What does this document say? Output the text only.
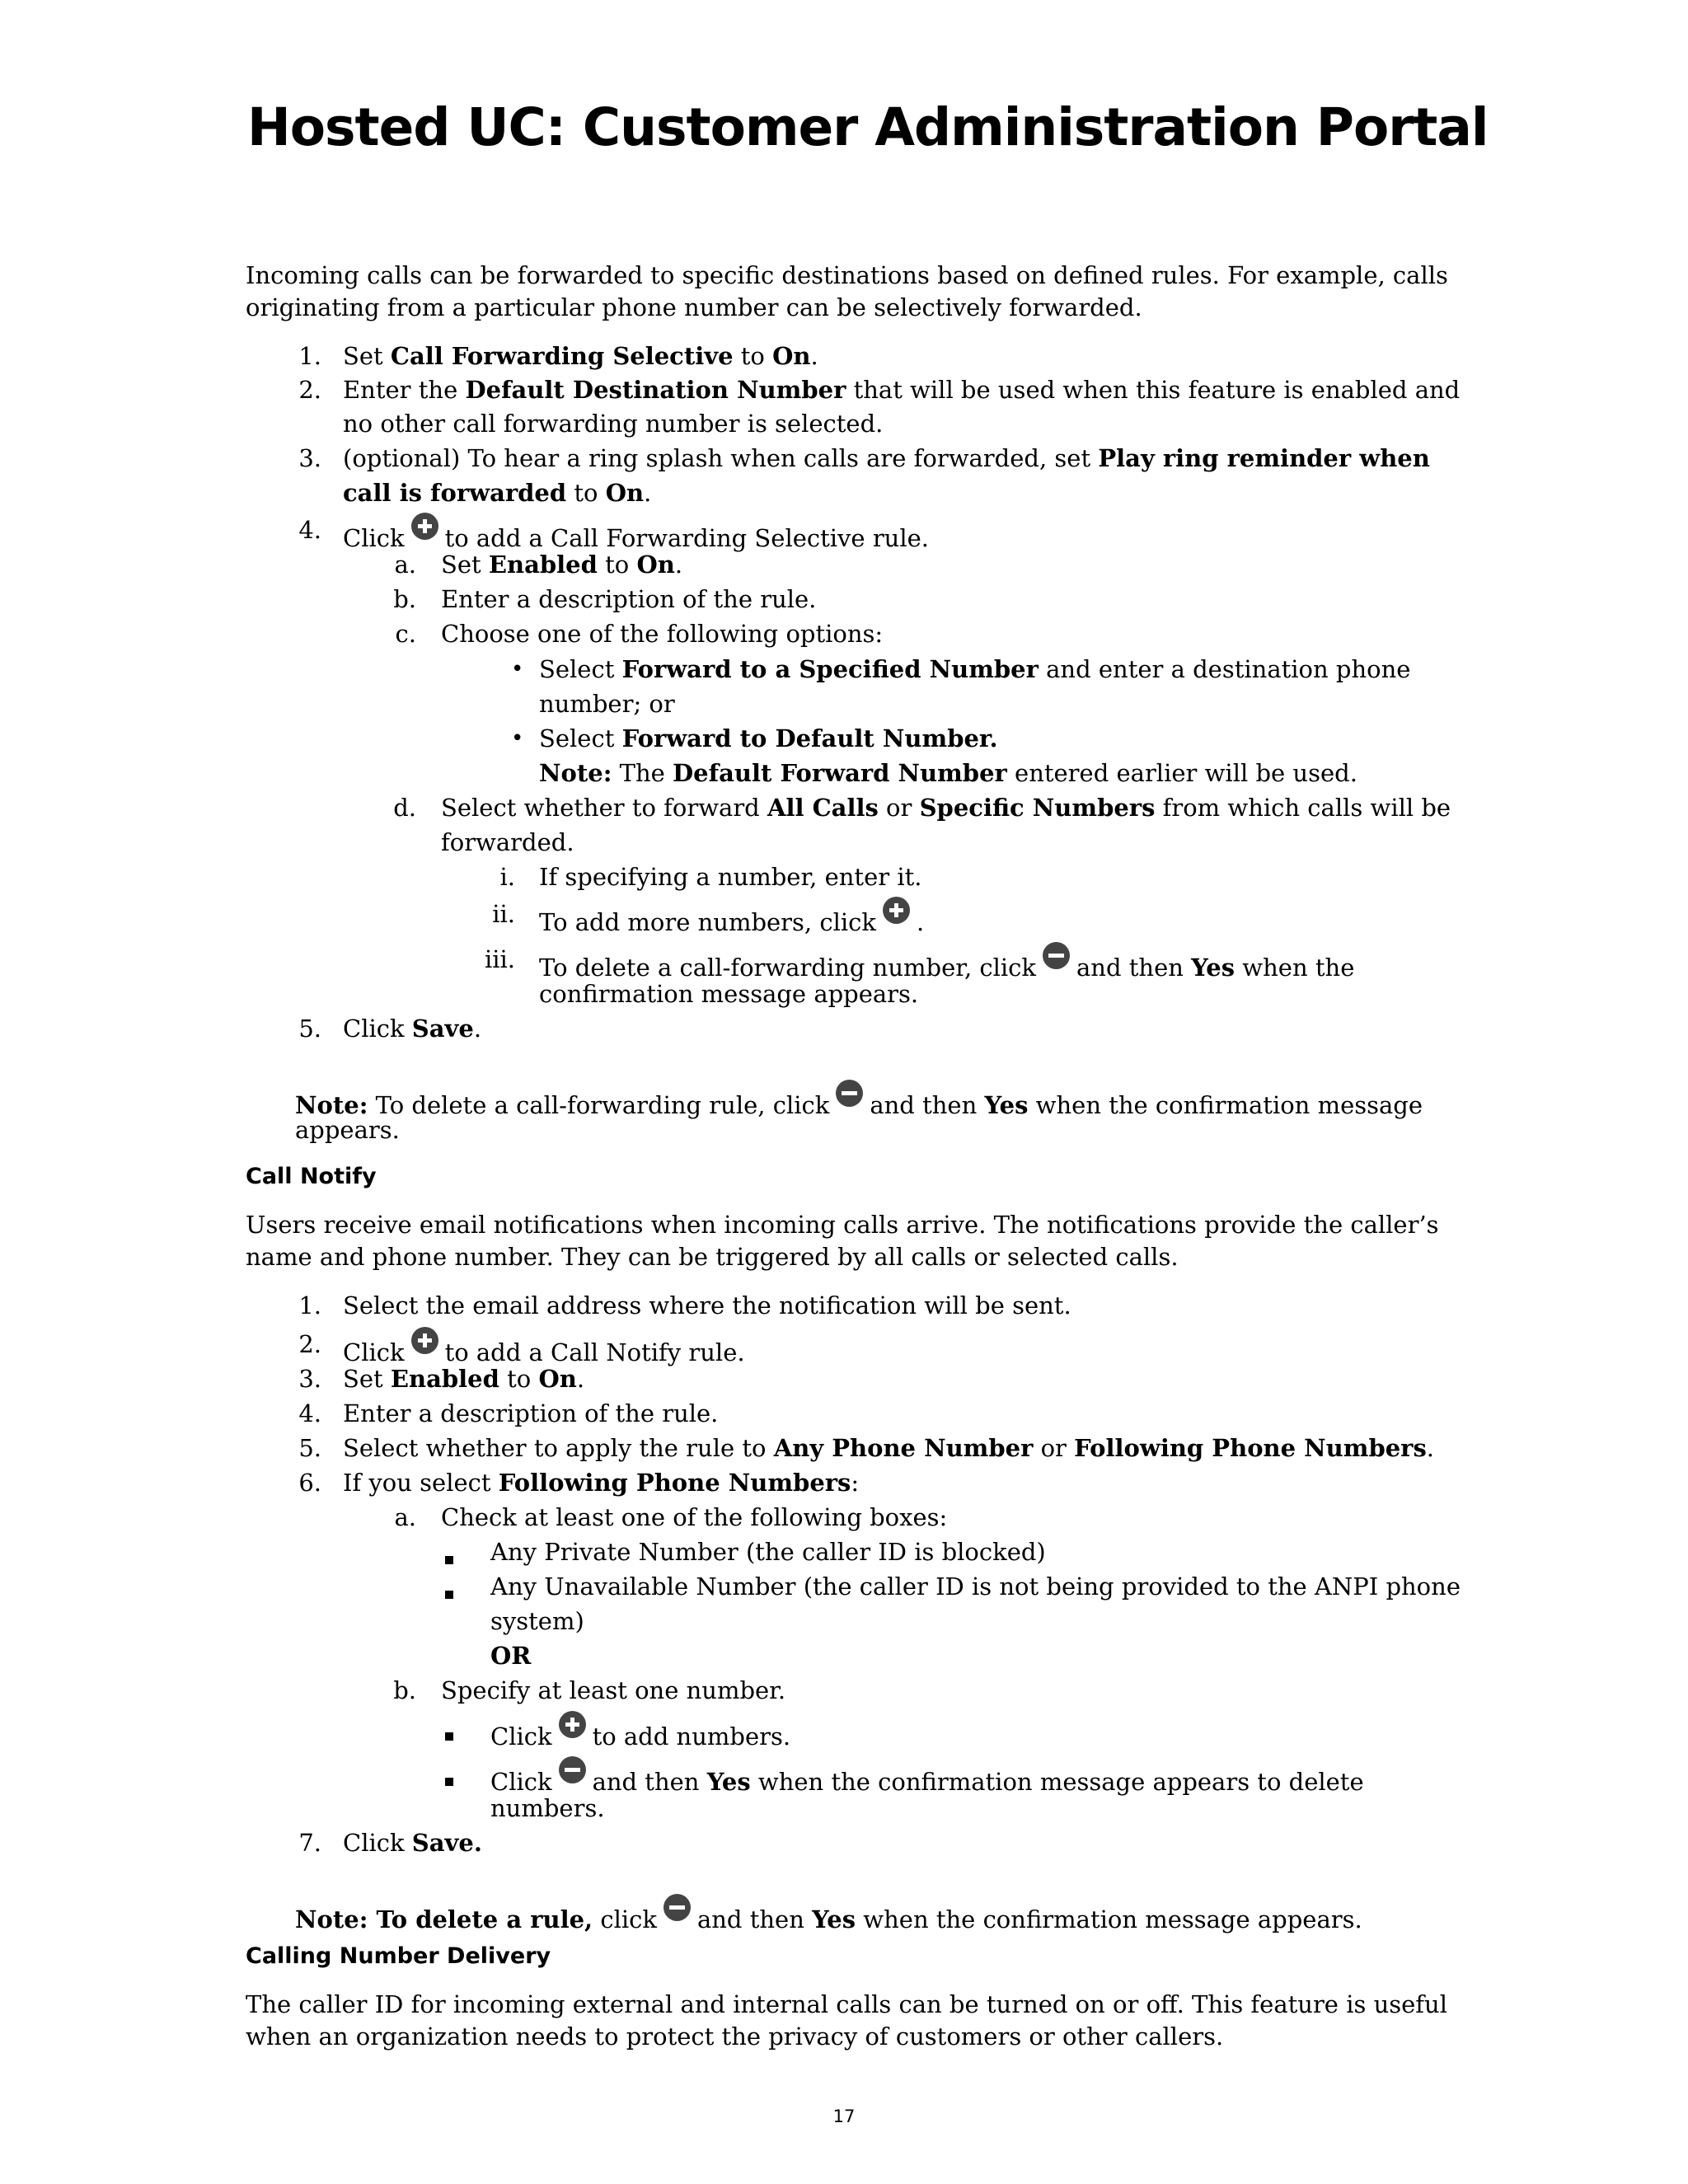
Hosted UC: Customer Administration Portal
Incoming calls can be forwarded to specific destinations based on defined rules. For example, calls
originating from a particular phone number can be selectively forwarded.
1. Set Call Forwarding Selective to On.
2. Enter the Default Destination Number that will be used when this feature is enabled and
no other call forwarding number is selected.
3. (optional) To hear a ring splash when calls are forwarded, set Play ring reminder when
call is forwarded to On.
4. Click to add a Call Forwarding Selective rule.
a. Set Enabled to On.
b. Enter a description of the rule.
c. Choose one of the following options:
• Select Forward to a Specified Number and enter a destination phone
number; or
• Select Forward to Default Number.
Note: The Default Forward Number entered earlier will be used.
d. Select whether to forward All Calls or Specific Numbers from which calls will be
forwarded.
i. If specifying a number, enter it.
ii. To add more numbers, click .
iii. To delete a call-forwarding number, click and then Yes when the
confirmation message appears.
5. Click Save.
Note: To delete a call-forwarding rule, click and then Yes when the confirmation message
appears.
Call Notify
Users receive email notifications when incoming calls arrive. The notifications provide the caller’s
name and phone number. They can be triggered by all calls or selected calls.
1. Select the email address where the notification will be sent.
2. Click to add a Call Notify rule.
3. Set Enabled to On.
4. Enter a description of the rule.
5. Select whether to apply the rule to Any Phone Number or Following Phone Numbers.
6. If you select Following Phone Numbers:
a. Check at least one of the following boxes:
Any Private Number (the caller ID is blocked)
Any Unavailable Number (the caller ID is not being provided to the ANPI phone
system)
OR
b. Specify at least one number.
Click to add numbers.
Click and then Yes when the confirmation message appears to delete
numbers.
7. Click Save.
Note: To delete a rule, click and then Yes when the confirmation message appears.
Calling Number Delivery
The caller ID for incoming external and internal calls can be turned on or off. This feature is useful
when an organization needs to protect the privacy of customers or other callers.
17
